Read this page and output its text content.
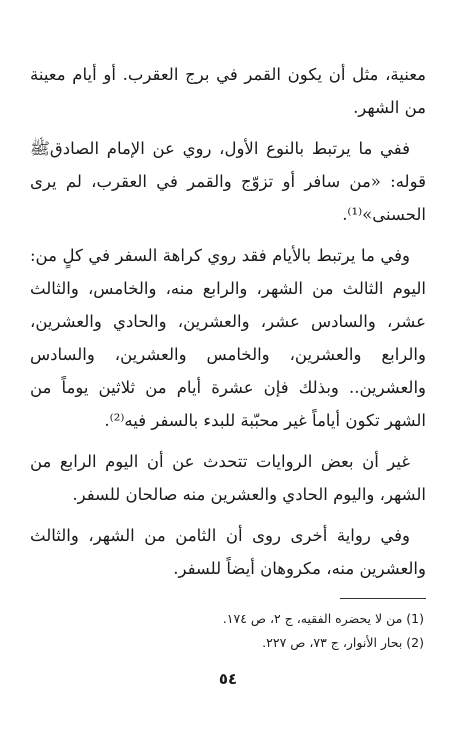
معنية، مثل أن يكون القمر في برج العقرب. أو أيام معينة من الشهر.

ففي ما يرتبط بالنوع الأول، روي عن الإمام الصادقﷺ قوله: «من سافر أو تزوّج والقمر في العقرب، لم يرى الحسنى»⁽¹⁾.

وفي ما يرتبط بالأيام فقد روي كراهة السفر في كلٍ من: اليوم الثالث من الشهر، والرابع منه، والخامس، والثالث عشر، والسادس عشر، والعشرين، والحادي والعشرين، والرابع والعشرين، والخامس والعشرين، والسادس والعشرين.. وبذلك فإن عشرة أيام من ثلاثين يوماً من الشهر تكون أياماً غير محبّبة للبدء بالسفر فيه⁽²⁾.

غير أن بعض الروايات تتحدث عن أن اليوم الرابع من الشهر، واليوم الحادي والعشرين منه صالحان للسفر.

وفي رواية أخرى روى أن الثامن من الشهر، والثالث والعشرين منه، مكروهان أيضاً للسفر.

(1) من لا يحضره الفقيه، ج ٢، ص ١٧٤.

(2) بحار الأنوار، ج ٧٣، ص ٢٢٧.

٥٤
